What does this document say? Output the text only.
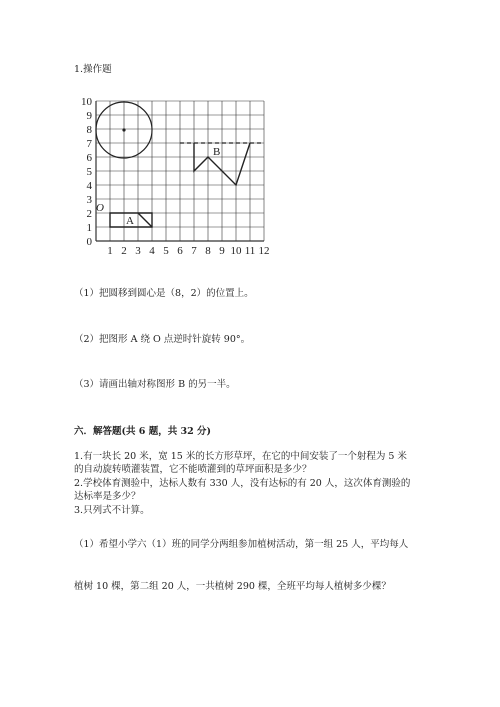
1.操作题
0
1
2
3
4
5
6
7
8
9
10
1 2 3 4 5 6 7 8 9 10 11 12
A
O
B
（1）把圆移到圆心是（8，2）的位置上。
（2）把图形 A 绕 O 点逆时针旋转 90°。
（3）请画出轴对称图形 B 的另一半。
六．解答题(共 6 题，共 32 分)
1.有一块长 20 米，宽 15 米的长方形草坪，在它的中间安装了一个射程为 5 米
的自动旋转喷灌装置，它不能喷灌到的草坪面积是多少？
2.学校体育测验中，达标人数有 330 人，没有达标的有 20 人，这次体育测验的
达标率是多少？
3.只列式不计算。
（1）希望小学六（1）班的同学分两组参加植树活动，第一组 25 人，平均每人
植树 10 棵，第二组 20 人，一共植树 290 棵，全班平均每人植树多少棵？
